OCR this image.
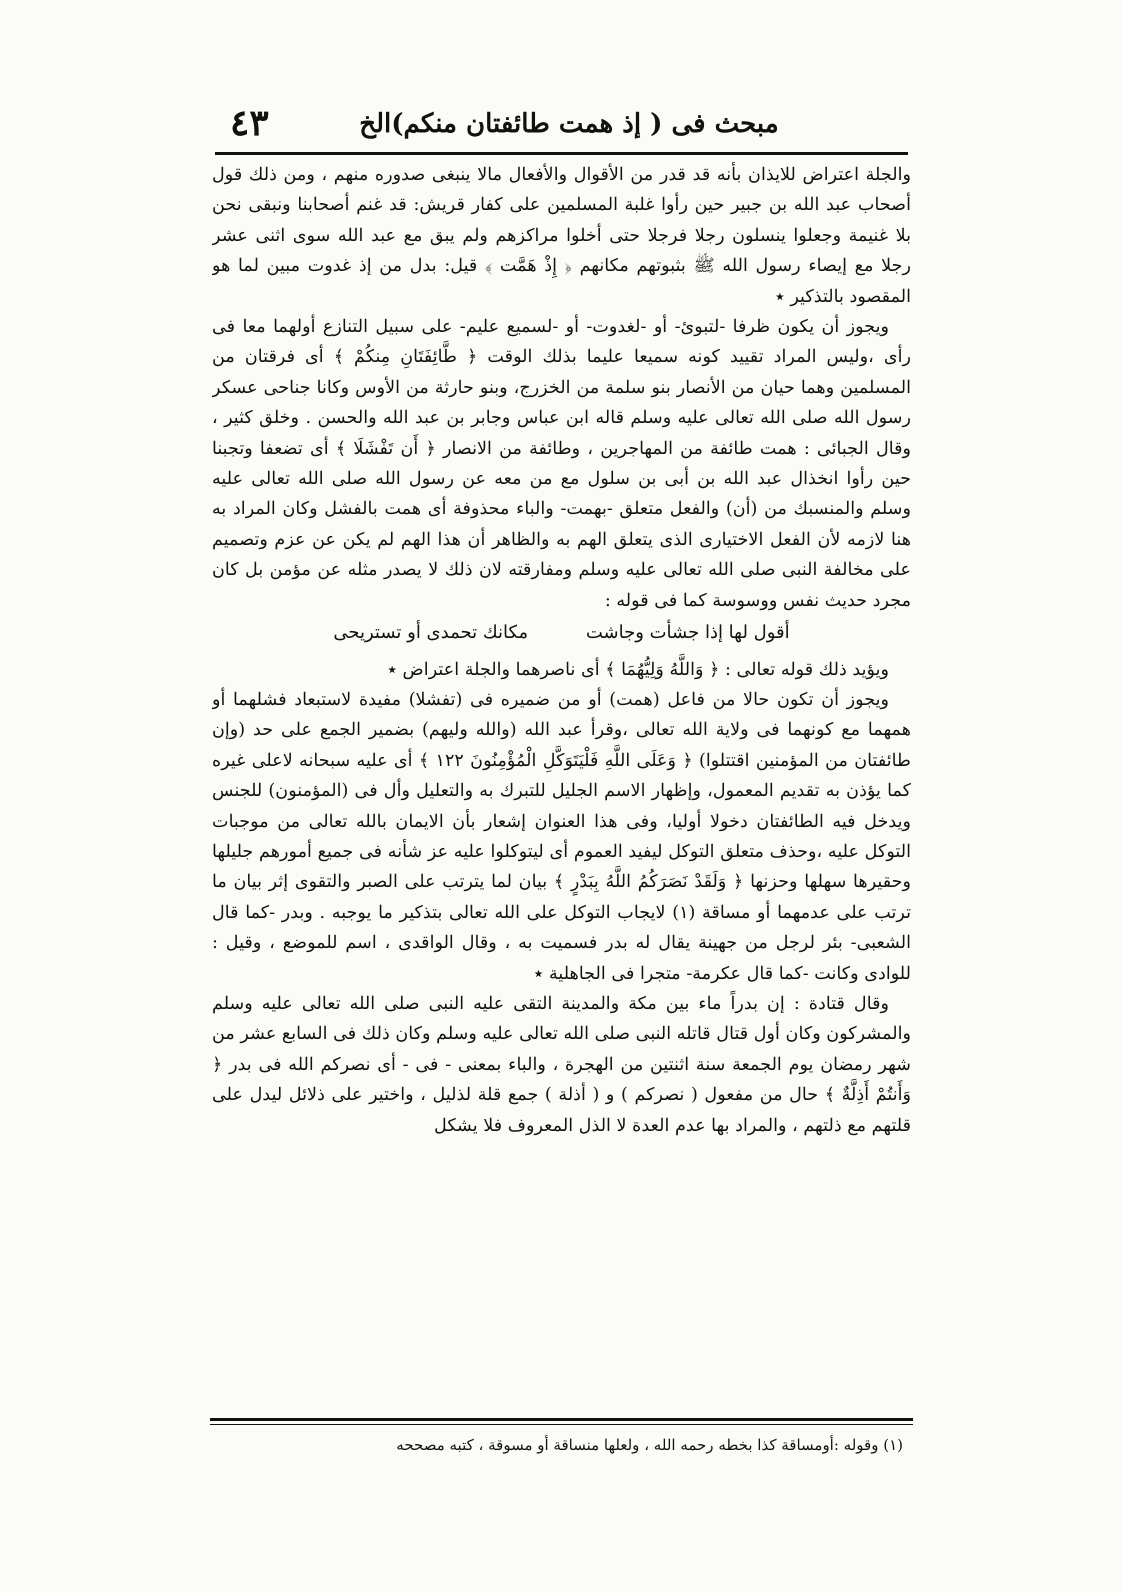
مبحث فى ( إذ همت طائفتان منكم)الخ
٤٣

والجلة اعتراض للايذان بأنه قد قدر من الأقوال والأفعال مالا ينبغى صدوره منهم ، ومن ذلك قول أصحاب عبد الله بن جبير حين رأوا غلبة المسلمين على كفار قريش: قد غنم أصحابنا ونبقى نحن بلا غنيمة وجعلوا ينسلون رجلا فرجلا حتى أخلوا مراكزهم ولم يبق مع عبد الله سوى اثنى عشر رجلا مع إيصاء رسول الله ﷺ بثبوتهم مكانهم ﴿ إِذْ هَمَّت ﴾ قيل: بدل من إذ غدوت مبين لما هو المقصود بالتذكير ٭

ويجوز أن يكون ظرفا -لتبوئ- أو -لغدوت- أو -لسميع عليم- على سبيل التنازع أولهما معا فى رأى ،وليس المراد تقييد كونه سميعا عليما بذلك الوقت ﴿ طَّائِفَتَانِ مِنكُمْ ﴾ أى فرقتان من المسلمين وهما حيان من الأنصار بنو سلمة من الخزرج، وبنو حارثة من الأوس وكانا جناحى عسكر رسول الله صلى الله تعالى عليه وسلم قاله ابن عباس وجابر بن عبد الله والحسن . وخلق كثير ، وقال الجبائى : همت طائفة من المهاجرين ، وطائفة من الانصار ﴿ أَن تَفْشَلَا ﴾ أى تضعفا وتجبنا حين رأوا انخذال عبد الله بن أبى بن سلول مع من معه عن رسول الله صلى الله تعالى عليه وسلم والمنسبك من (أن) والفعل متعلق -بهمت- والباء محذوفة أى همت بالفشل وكان المراد به هنا لازمه لأن الفعل الاختيارى الذى يتعلق الهم به والظاهر أن هذا الهم لم يكن عن عزم وتصميم على مخالفة النبى صلى الله تعالى عليه وسلم ومفارقته لان ذلك لا يصدر مثله عن مؤمن بل كان مجرد حديث نفس ووسوسة كما فى قوله :

أقول لها إذا جشأت وجاشت مكانك تحمدى أو تستريحى

ويؤيد ذلك قوله تعالى : ﴿ وَاللَّهُ وَلِيُّهُمَا ﴾ أى ناصرهما والجلة اعتراض ٭

ويجوز أن تكون حالا من فاعل (همت) أو من ضميره فى (تفشلا) مفيدة لاستبعاد فشلهما أو همهما مع كونهما فى ولاية الله تعالى ،وقرأ عبد الله (والله وليهم) بضمير الجمع على حد (وإن طائفتان من المؤمنين اقتتلوا) ﴿ وَعَلَى اللَّهِ فَلْيَتَوَكَّلِ الْمُؤْمِنُونَ ١٢٢ ﴾ أى عليه سبحانه لاعلى غيره كما يؤذن به تقديم المعمول، وإظهار الاسم الجليل للتبرك به والتعليل وأل فى (المؤمنون) للجنس ويدخل فيه الطائفتان دخولا أوليا، وفى هذا العنوان إشعار بأن الايمان بالله تعالى من موجبات التوكل عليه ،وحذف متعلق التوكل ليفيد العموم أى ليتوكلوا عليه عز شأنه فى جميع أمورهم جليلها وحقيرها سهلها وحزنها ﴿ وَلَقَدْ نَصَرَكُمُ اللَّهُ بِبَدْرٍ ﴾ بيان لما يترتب على الصبر والتقوى إثر بيان ما ترتب على عدمهما أو مساقة (١) لايجاب التوكل على الله تعالى بتذكير ما يوجبه . وبدر -كما قال الشعبى- بئر لرجل من جهينة يقال له بدر فسميت به ، وقال الواقدى ، اسم للموضع ، وقيل : للوادى وكانت -كما قال عكرمة- متجرا فى الجاهلية ٭

وقال قتادة : إن بدراً ماء بين مكة والمدينة التقى عليه النبى صلى الله تعالى عليه وسلم والمشركون وكان أول قتال قاتله النبى صلى الله تعالى عليه وسلم وكان ذلك فى السابع عشر من شهر رمضان يوم الجمعة سنة اثنتين من الهجرة ، والباء بمعنى - فى - أى نصركم الله فى بدر ﴿ وَأَنتُمْ أَذِلَّةٌ ﴾ حال من مفعول ( نصركم ) و ( أذلة ) جمع قلة لذليل ، واختير على ذلائل ليدل على قلتهم مع ذلتهم ، والمراد بها عدم العدة لا الذل المعروف فلا يشكل

(١) وقوله :أومساقة كذا بخطه رحمه الله ، ولعلها منساقة أو مسوقة ، كتبه مصححه
